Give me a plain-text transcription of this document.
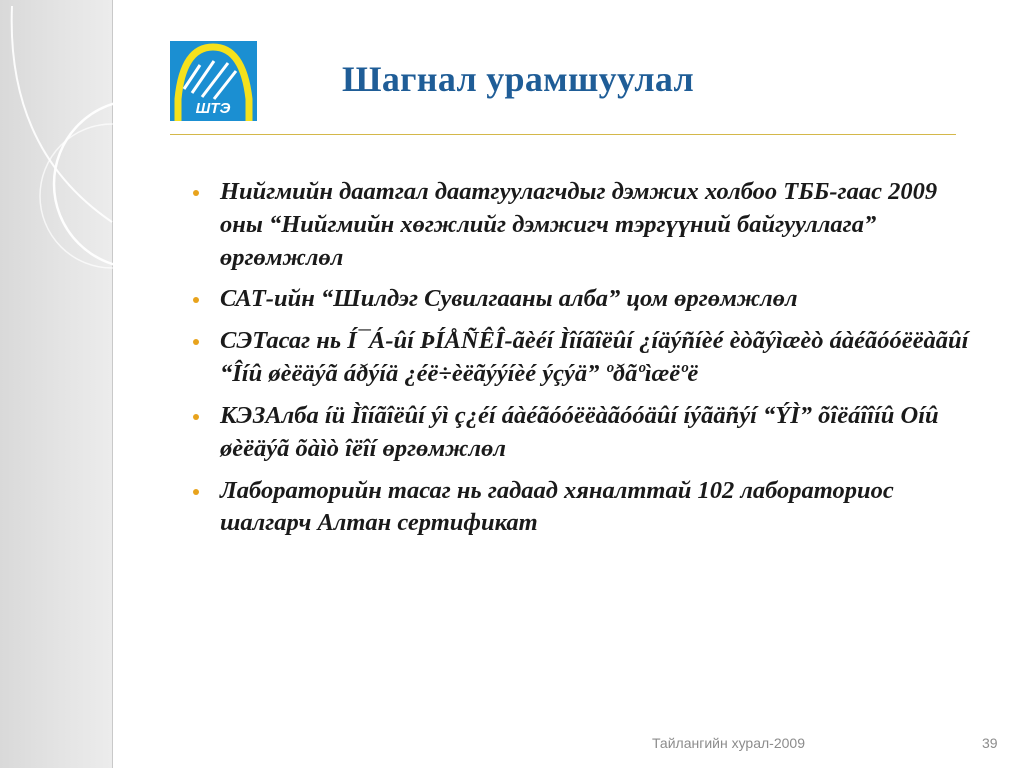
ШТЭ
Шагнал урамшуулал
Нийгмийн даатгал даатгуулагчдыг дэмжих холбоо ТББ-гаас 2009 оны “Нийгмийн хөгжлийг дэмжигч тэргүүний байгууллага” өргөмжлөл
САТ-ийн “Шилдэг Сувилгааны алба” цом өргөмжлөл
СЭТасаг нь Í¯Á-ûí ÞÍÅÑÊÎ-ãèéí Ìîíãîëûí ¿íäýñíèé èòãýìæèò áàéãóóëëàãûí “Îíû øèëäýã áðýíä ¿éë÷èëãýýíèé ýçýä” ºðãºìæëºë
КЭЗАлба íü Ìîíãîëûí ýì ç¿éí áàéãóóëëàãóóäûí íýãäñýí “ÝÌ” õîëáîîíû Oíû øèëäýã õàìò îëîí өргөмжлөл
Лабораторийн тасаг нь гадаад хяналттай 102 лабораториос шалгарч Алтан сертификат
Тайлангийн хурал-2009	39
